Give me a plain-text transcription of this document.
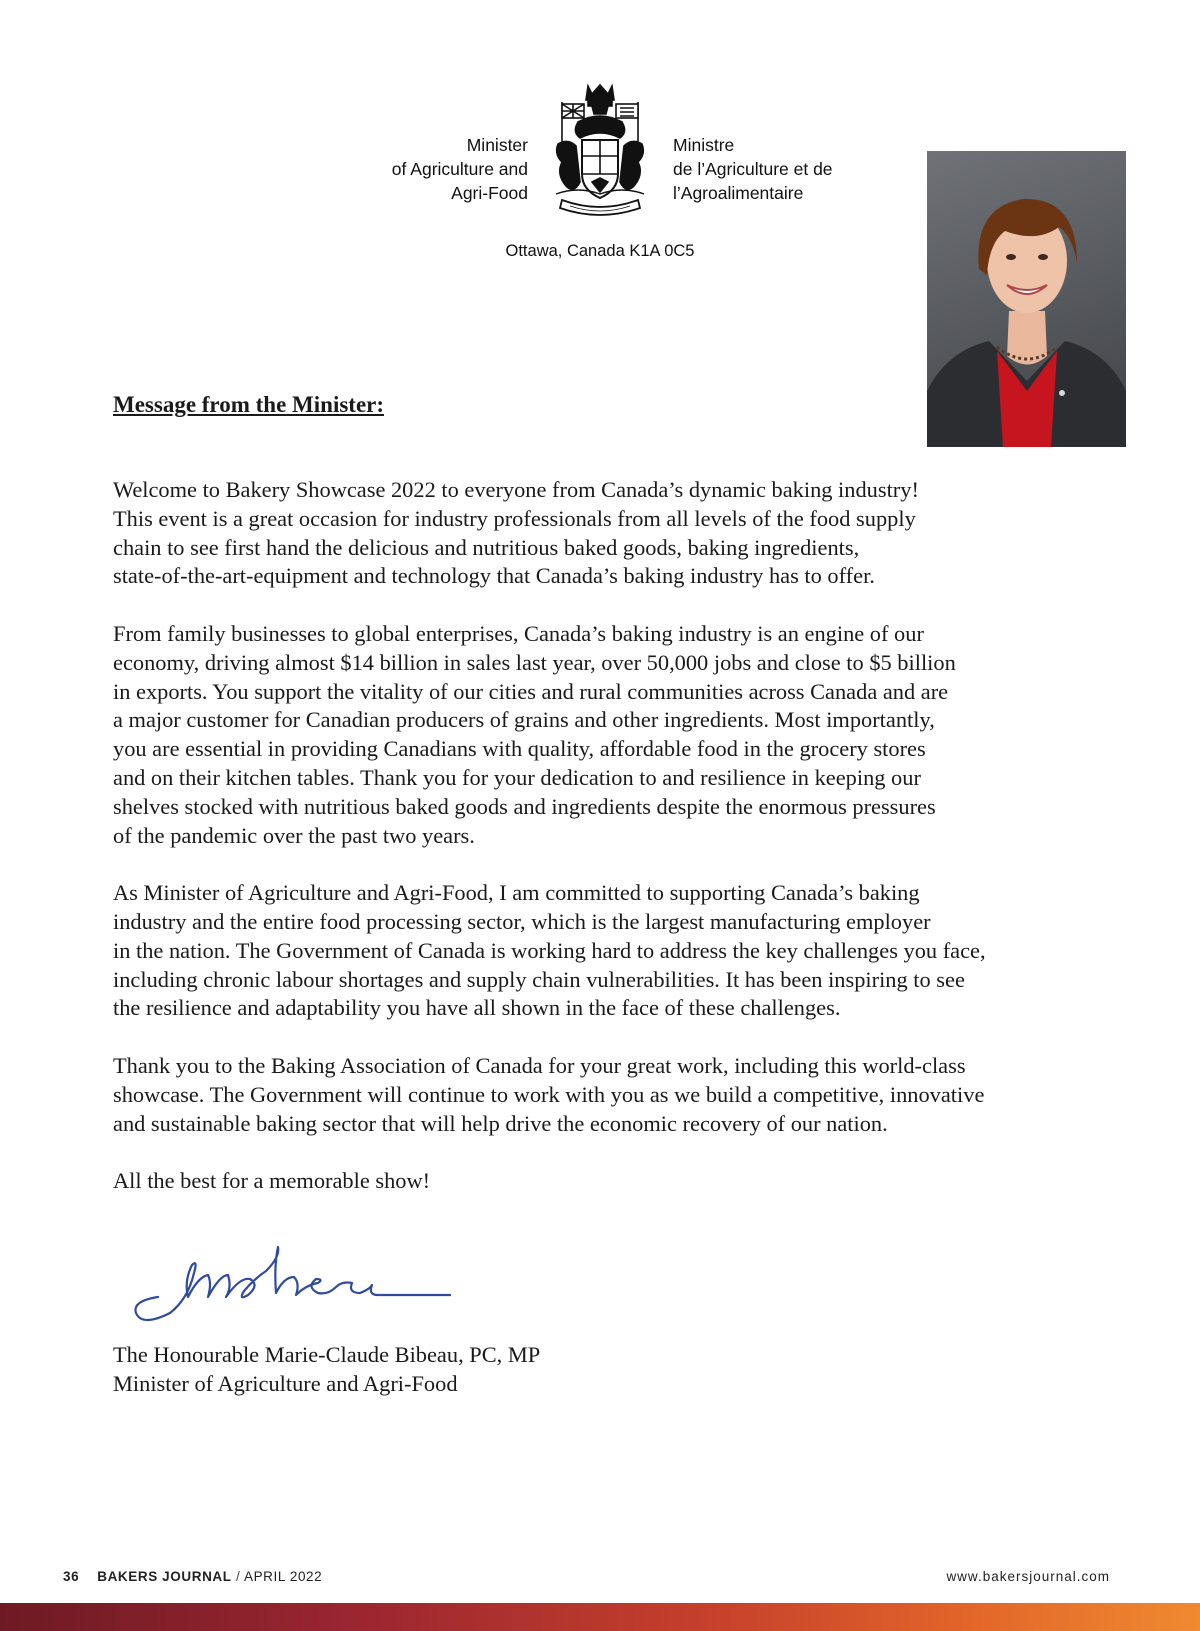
Minister
of Agriculture and
Agri-Food
Ministre
de l’Agriculture et de
l’Agroalimentaire
Ottawa, Canada K1A 0C5
Message from the Minister:

Welcome to Bakery Showcase 2022 to everyone from Canada’s dynamic baking industry!
This event is a great occasion for industry professionals from all levels of the food supply
chain to see first hand the delicious and nutritious baked goods, baking ingredients,
state-of-the-art-equipment and technology that Canada’s baking industry has to offer.

From family businesses to global enterprises, Canada’s baking industry is an engine of our
economy, driving almost $14 billion in sales last year, over 50,000 jobs and close to $5 billion
in exports. You support the vitality of our cities and rural communities across Canada and are
a major customer for Canadian producers of grains and other ingredients. Most importantly,
you are essential in providing Canadians with quality, affordable food in the grocery stores
and on their kitchen tables. Thank you for your dedication to and resilience in keeping our
shelves stocked with nutritious baked goods and ingredients despite the enormous pressures
of the pandemic over the past two years.

As Minister of Agriculture and Agri-Food, I am committed to supporting Canada’s baking
industry and the entire food processing sector, which is the largest manufacturing employer
in the nation. The Government of Canada is working hard to address the key challenges you face,
including chronic labour shortages and supply chain vulnerabilities. It has been inspiring to see
the resilience and adaptability you have all shown in the face of these challenges.

Thank you to the Baking Association of Canada for your great work, including this world-class
showcase. The Government will continue to work with you as we build a competitive, innovative
and sustainable baking sector that will help drive the economic recovery of our nation.

All the best for a memorable show!

The Honourable Marie-Claude Bibeau, PC, MP
Minister of Agriculture and Agri-Food
36 BAKERS JOURNAL / APRIL 2022	www.bakersjournal.com
